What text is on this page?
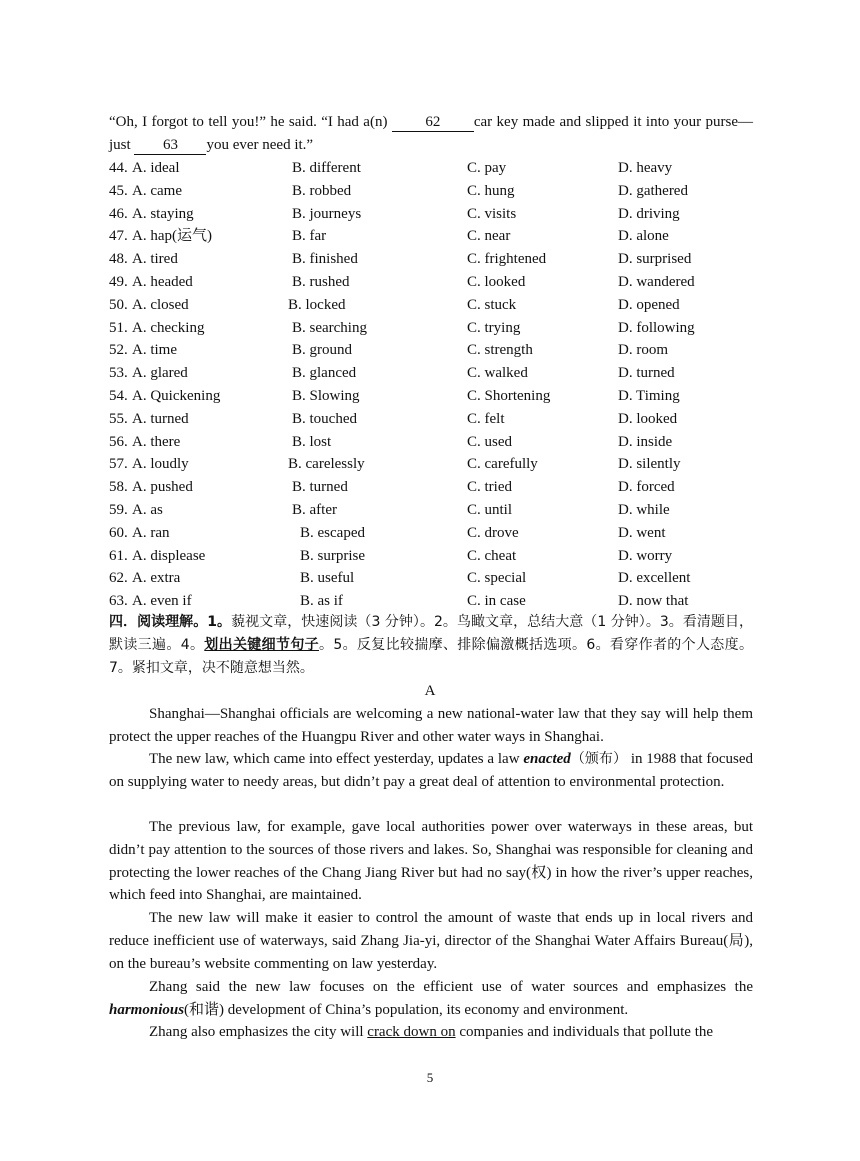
“Oh, I forgot to tell you!” he said. “I had a(n) 62 car key made and slipped it into your purse—just 63 you ever need it.”
44. A. ideal	B. different	C. pay	D. heavy
45. A. came	B. robbed	C. hung	D. gathered
46. A. staying	B. journeys	C. visits	D. driving
47. A. hap(运气)	B. far	C. near	D. alone
48. A. tired	B. finished	C. frightened	D. surprised
49. A. headed	B. rushed	C. looked	D. wandered
50. A. closed	B. locked	C. stuck	D. opened
51. A. checking	B. searching	C. trying	D. following
52. A. time	B. ground	C. strength	D. room
53. A. glared	B. glanced	C. walked	D. turned
54. A. Quickening	B. Slowing	C. Shortening	D. Timing
55. A. turned	B. touched	C. felt	D. looked
56. A. there	B. lost	C. used	D. inside
57. A. loudly	B. carelessly	C. carefully	D. silently
58. A. pushed	B. turned	C. tried	D. forced
59. A. as	B. after	C. until	D. while
60. A. ran	B. escaped	C. drove	D. went
61. A. displease	B. surprise	C. cheat	D. worry
62. A. extra	B. useful	C. special	D. excellent
63. A. even if	B. as if	C. in case	D. now that
四．阅读理解。1。藐视文章，快速阅读（3 分钟）。2。鸟瞰文章，总结大意（1 分钟）。3。看清题目，默读三遍。4。划出关键细节句子。5。反复比较揣摩、排除偏激概括选项。6。看穿作者的个人态度。7。紧扣文章，决不随意想当然。
A
Shanghai—Shanghai officials are welcoming a new national-water law that they say will help them protect the upper reaches of the Huangpu River and other water ways in Shanghai.
The new law, which came into effect yesterday, updates a law enacted（颁布） in 1988 that focused on supplying water to needy areas, but didn’t pay a great deal of attention to environmental protection.
The previous law, for example, gave local authorities power over waterways in these areas, but didn’t pay attention to the sources of those rivers and lakes. So, Shanghai was responsible for cleaning and protecting the lower reaches of the Chang Jiang River but had no say(权) in how the river’s upper reaches, which feed into Shanghai, are maintained.
The new law will make it easier to control the amount of waste that ends up in local rivers and reduce inefficient use of waterways, said Zhang Jia-yi, director of the Shanghai Water Affairs Bureau(局), on the bureau’s website commenting on law yesterday.
Zhang said the new law focuses on the efficient use of water sources and emphasizes the harmonious(和谐) development of China’s population, its economy and environment.
Zhang also emphasizes the city will crack down on companies and individuals that pollute the
5
